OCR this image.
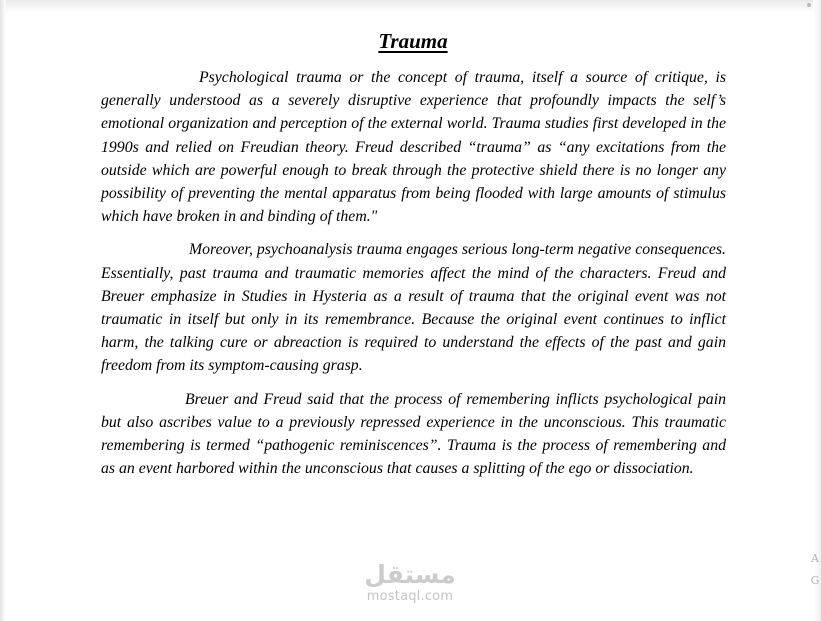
Trauma

Psychological trauma or the concept of trauma, itself a source of critique, is generally understood as a severely disruptive experience that profoundly impacts the self’s emotional organization and perception of the external world. Trauma studies first developed in the 1990s and relied on Freudian theory. Freud described “trauma” as “any excitations from the outside which are powerful enough to break through the protective shield there is no longer any possibility of preventing the mental apparatus from being flooded with large amounts of stimulus which have broken in and binding of them."

Moreover, psychoanalysis trauma engages serious long-term negative consequences. Essentially, past trauma and traumatic memories affect the mind of the characters. Freud and Breuer emphasize in Studies in Hysteria as a result of trauma that the original event was not traumatic in itself but only in its remembrance. Because the original event continues to inflict harm, the talking cure or abreaction is required to understand the effects of the past and gain freedom from its symptom-causing grasp.

Breuer and Freud said that the process of remembering inflicts psychological pain but also ascribes value to a previously repressed experience in the unconscious. This traumatic remembering is termed “pathogenic reminiscences”. Trauma is the process of remembering and as an event harbored within the unconscious that causes a splitting of the ego or dissociation.

مستقل
mostaql.com
A
G
